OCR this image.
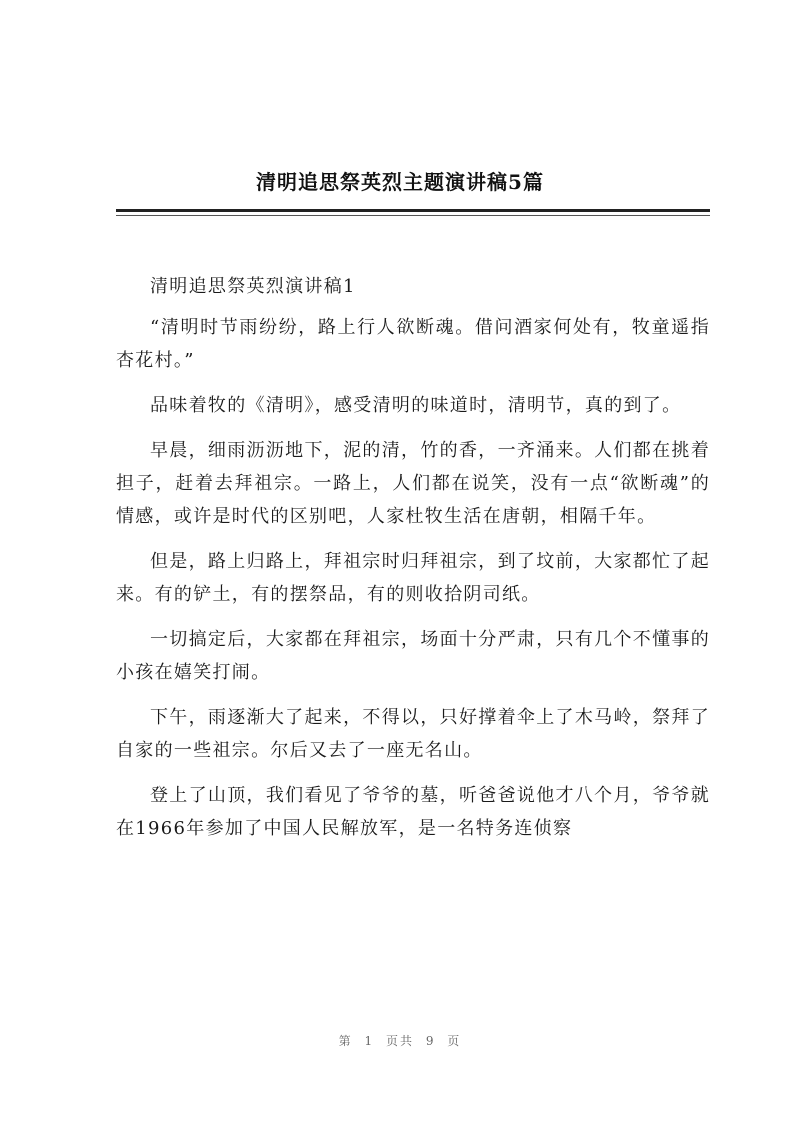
清明追思祭英烈主题演讲稿5篇

清明追思祭英烈演讲稿1

“清明时节雨纷纷，路上行人欲断魂。借问酒家何处有，牧童遥指杏花村。”

品味着牧的《清明》，感受清明的味道时，清明节，真的到了。

早晨，细雨沥沥地下，泥的清，竹的香，一齐涌来。人们都在挑着担子，赶着去拜祖宗。一路上，人们都在说笑，没有一点“欲断魂”的情感，或许是时代的区别吧，人家杜牧生活在唐朝，相隔千年。

但是，路上归路上，拜祖宗时归拜祖宗，到了坟前，大家都忙了起来。有的铲土，有的摆祭品，有的则收拾阴司纸。

一切搞定后，大家都在拜祖宗，场面十分严肃，只有几个不懂事的小孩在嬉笑打闹。

下午，雨逐渐大了起来，不得以，只好撑着伞上了木马岭，祭拜了自家的一些祖宗。尔后又去了一座无名山。

登上了山顶，我们看见了爷爷的墓，听爸爸说他才八个月，爷爷就在1966年参加了中国人民解放军，是一名特务连侦察

第 1 页共 9 页
